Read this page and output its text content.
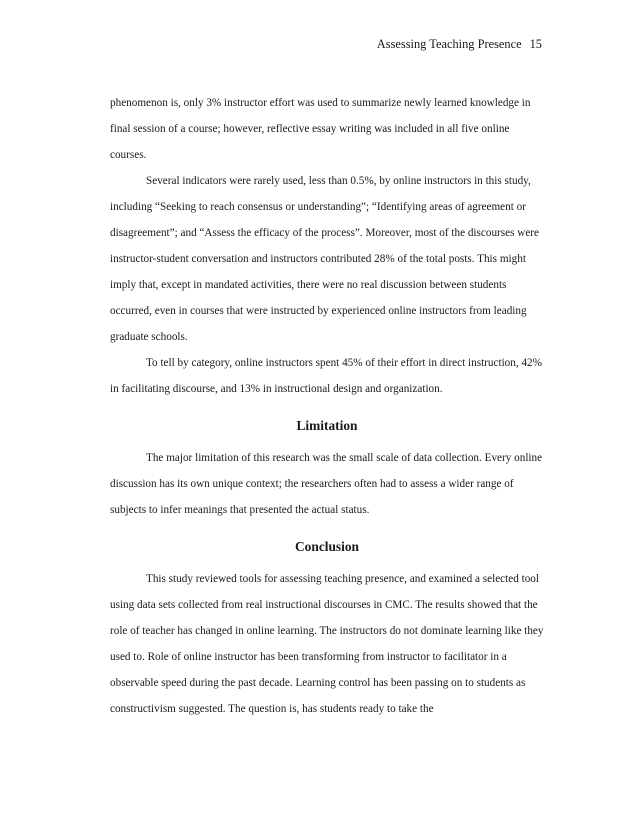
Assessing Teaching Presence 15

phenomenon is, only 3% instructor effort was used to summarize newly learned knowledge in final session of a course; however, reflective essay writing was included in all five online courses.

Several indicators were rarely used, less than 0.5%, by online instructors in this study, including “Seeking to reach consensus or understanding”; “Identifying areas of agreement or disagreement”; and “Assess the efficacy of the process”. Moreover, most of the discourses were instructor-student conversation and instructors contributed 28% of the total posts. This might imply that, except in mandated activities, there were no real discussion between students occurred, even in courses that were instructed by experienced online instructors from leading graduate schools.

To tell by category, online instructors spent 45% of their effort in direct instruction, 42% in facilitating discourse, and 13% in instructional design and organization.

Limitation

The major limitation of this research was the small scale of data collection. Every online discussion has its own unique context; the researchers often had to assess a wider range of subjects to infer meanings that presented the actual status.

Conclusion

This study reviewed tools for assessing teaching presence, and examined a selected tool using data sets collected from real instructional discourses in CMC. The results showed that the role of teacher has changed in online learning. The instructors do not dominate learning like they used to. Role of online instructor has been transforming from instructor to facilitator in a observable speed during the past decade. Learning control has been passing on to students as constructivism suggested. The question is, has students ready to take the
